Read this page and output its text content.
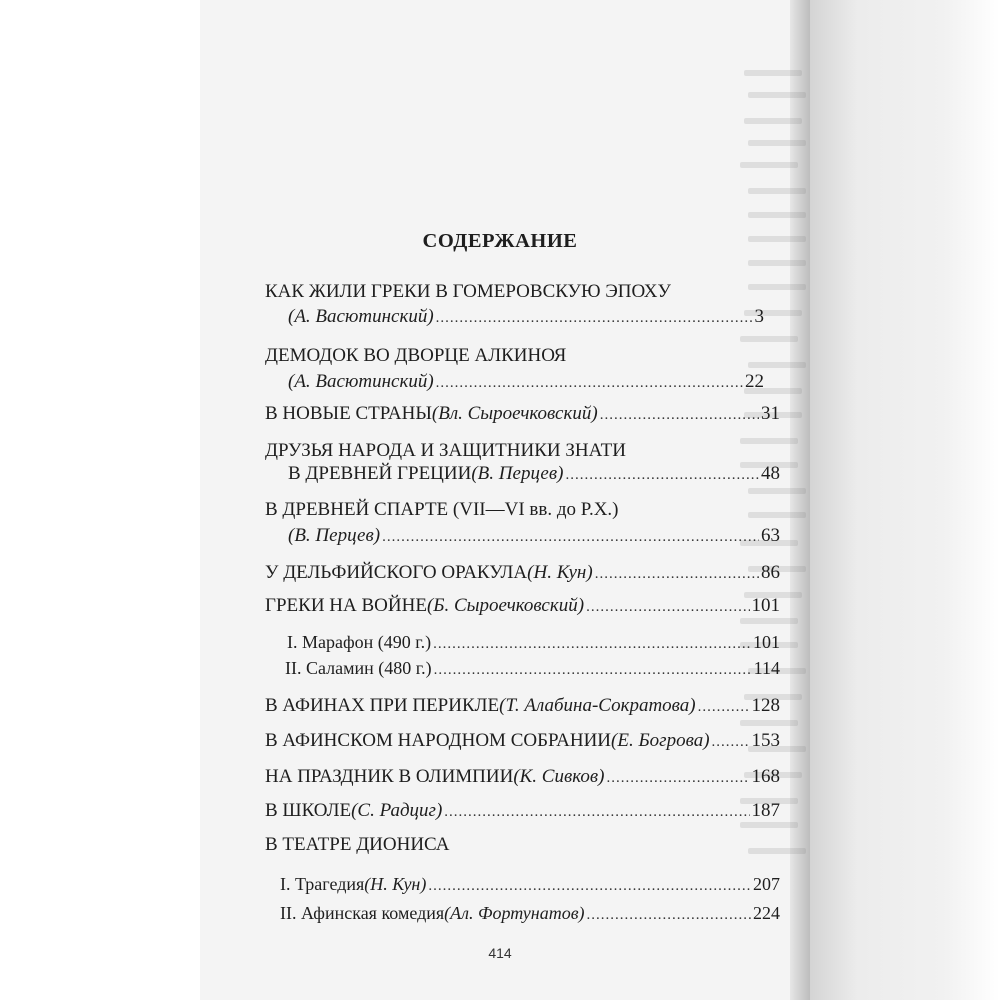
СОДЕРЖАНИЕ
КАК ЖИЛИ ГРЕКИ В ГОМЕРОВСКУЮ ЭПОХУ
(А. Васютинский) .....	3
ДЕМОДОК ВО ДВОРЦЕ АЛКИНОЯ
(А. Васютинский) .....	22
В НОВЫЕ СТРАНЫ (Вл. Сыроечковский) .....	31
ДРУЗЬЯ НАРОДА И ЗАЩИТНИКИ ЗНАТИ
В ДРЕВНЕЙ ГРЕЦИИ (В. Перцев) .....	48
В ДРЕВНЕЙ СПАРТЕ (VII—VI вв. до Р.Х.)
(В. Перцев) .....	63
У ДЕЛЬФИЙСКОГО ОРАКУЛА (Н. Кун) .....	86
ГРЕКИ НА ВОЙНЕ (Б. Сыроечковский) .....	101
I. Марафон (490 г.) .....	101
II. Саламин (480 г.) .....	114
В АФИНАХ ПРИ ПЕРИКЛЕ (Т. Алабина-Сократова) .....	128
В АФИНСКОМ НАРОДНОМ СОБРАНИИ (Е. Богрова) ..... 153
НА ПРАЗДНИК В ОЛИМПИИ (К. Сивков) .....	168
В ШКОЛЕ (С. Радциг) .....	187
В ТЕАТРЕ ДИОНИСА
I. Трагедия (Н. Кун) .....	207
II. Афинская комедия (Ал. Фортунатов) .....	224

414
